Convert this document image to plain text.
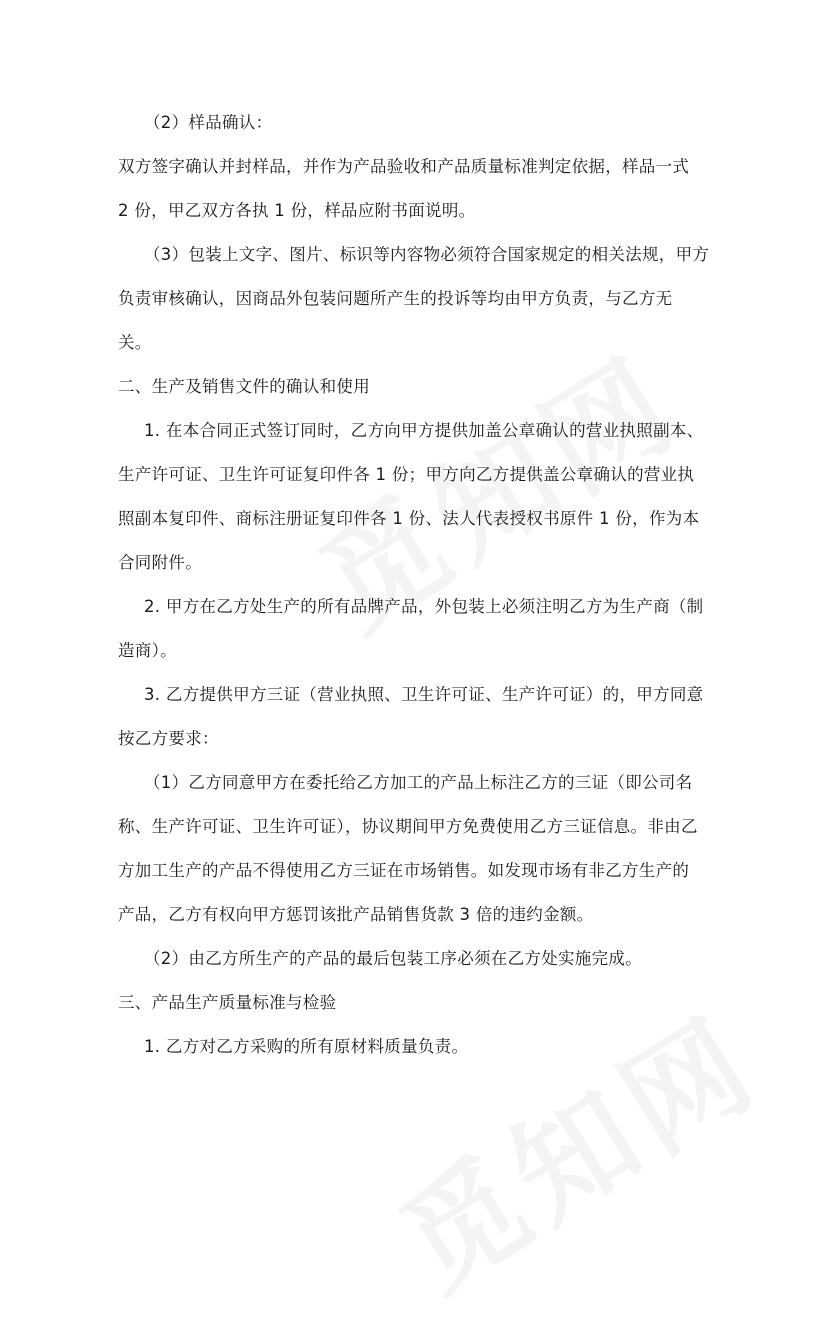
（2）样品确认：
双方签字确认并封样品，并作为产品验收和产品质量标准判定依据，样品一式
2 份，甲乙双方各执 1 份，样品应附书面说明。
（3）包装上文字、图片、标识等内容物必须符合国家规定的相关法规，甲方
负责审核确认，因商品外包装问题所产生的投诉等均由甲方负责，与乙方无
关。
二、生产及销售文件的确认和使用
1. 在本合同正式签订同时，乙方向甲方提供加盖公章确认的营业执照副本、
生产许可证、卫生许可证复印件各 1 份；甲方向乙方提供盖公章确认的营业执
照副本复印件、商标注册证复印件各 1 份、法人代表授权书原件 1 份，作为本
合同附件。
2. 甲方在乙方处生产的所有品牌产品，外包装上必须注明乙方为生产商（制
造商）。
3. 乙方提供甲方三证（营业执照、卫生许可证、生产许可证）的，甲方同意
按乙方要求：
（1）乙方同意甲方在委托给乙方加工的产品上标注乙方的三证（即公司名
称、生产许可证、卫生许可证），协议期间甲方免费使用乙方三证信息。非由乙
方加工生产的产品不得使用乙方三证在市场销售。如发现市场有非乙方生产的
产品，乙方有权向甲方惩罚该批产品销售货款 3 倍的违约金额。
（2）由乙方所生产的产品的最后包装工序必须在乙方处实施完成。
三、产品生产质量标准与检验
1. 乙方对乙方采购的所有原材料质量负责。
